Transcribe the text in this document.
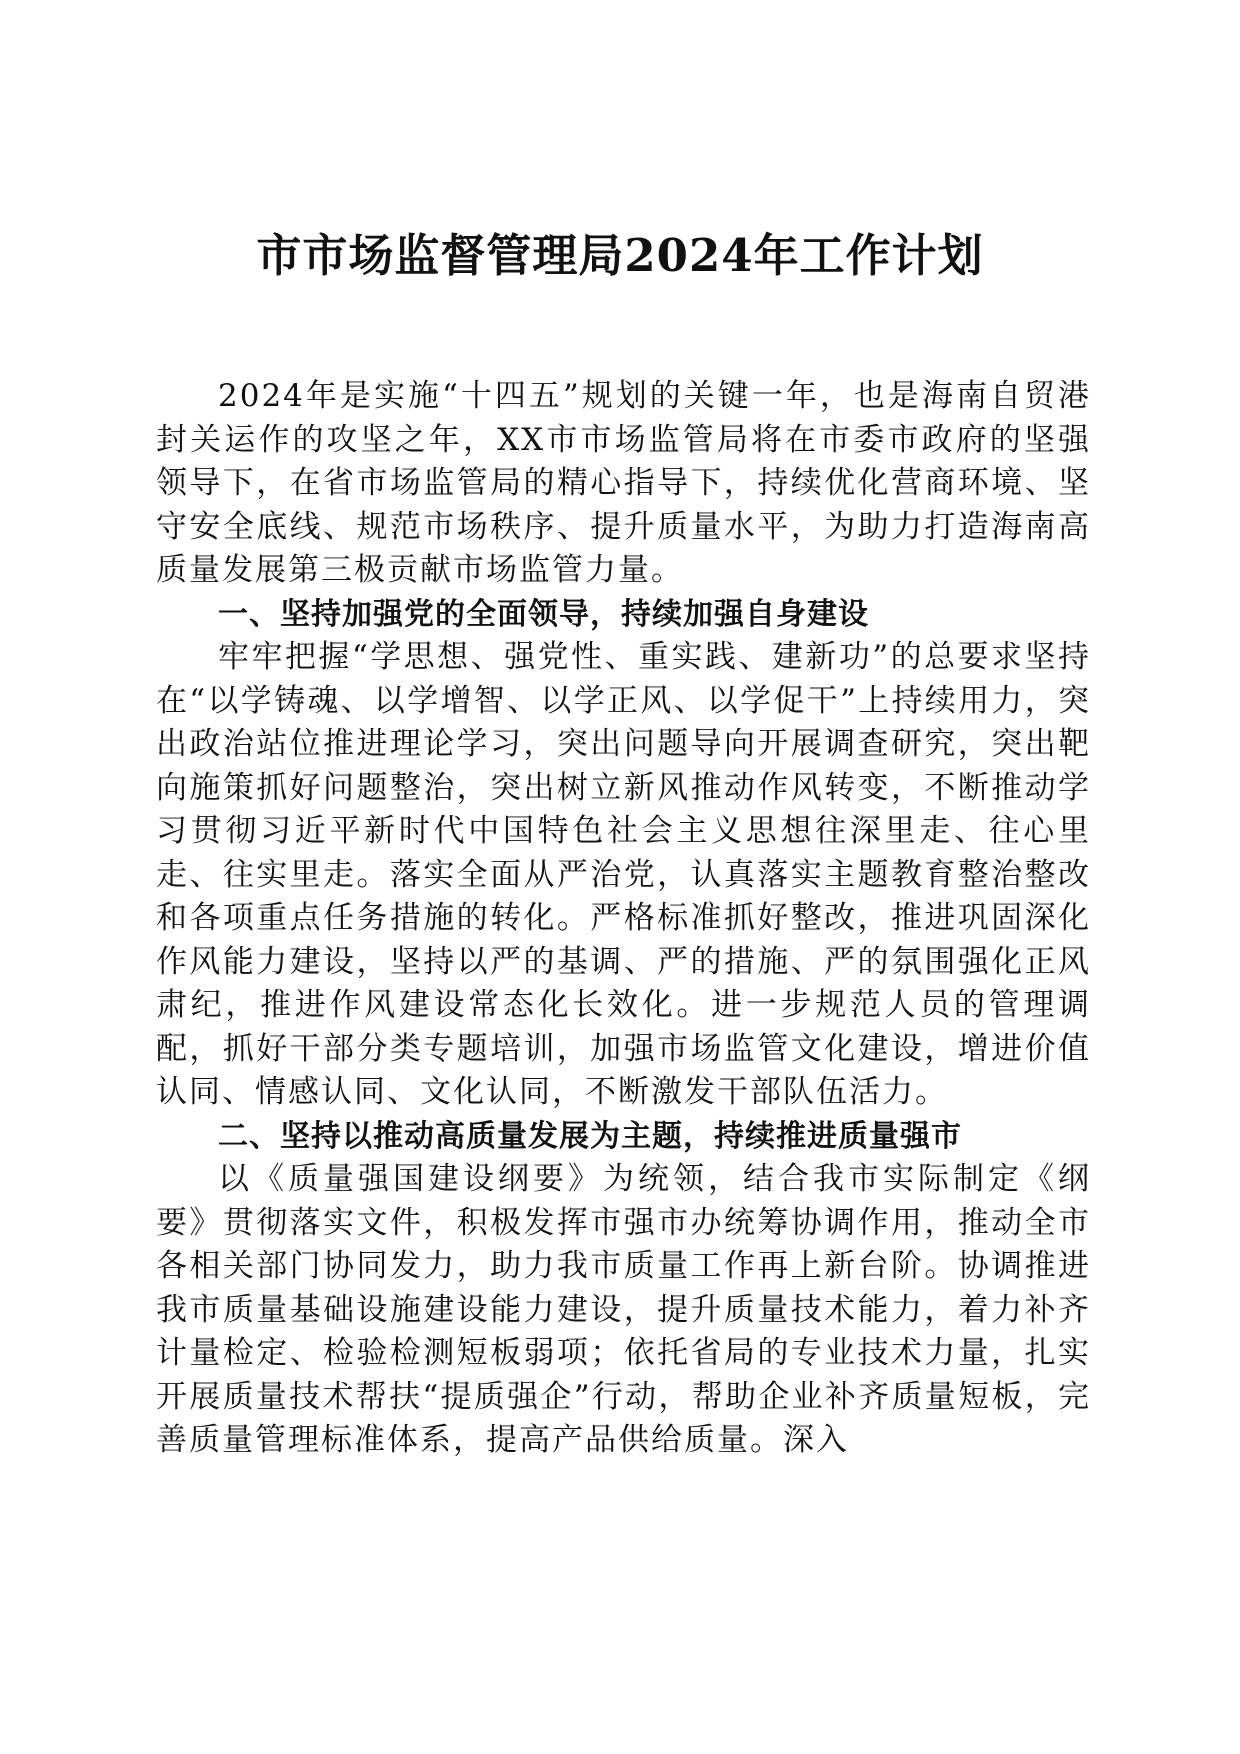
市市场监督管理局2024年工作计划

2024年是实施“十四五”规划的关键一年，也是海南自贸港封关运作的攻坚之年，XX市市场监管局将在市委市政府的坚强领导下，在省市场监管局的精心指导下，持续优化营商环境、坚守安全底线、规范市场秩序、提升质量水平，为助力打造海南高质量发展第三极贡献市场监管力量。

一、坚持加强党的全面领导，持续加强自身建设

牢牢把握“学思想、强党性、重实践、建新功”的总要求坚持在“以学铸魂、以学增智、以学正风、以学促干”上持续用力，突出政治站位推进理论学习，突出问题导向开展调查研究，突出靶向施策抓好问题整治，突出树立新风推动作风转变，不断推动学习贯彻习近平新时代中国特色社会主义思想往深里走、往心里走、往实里走。落实全面从严治党，认真落实主题教育整治整改和各项重点任务措施的转化。严格标准抓好整改，推进巩固深化作风能力建设，坚持以严的基调、严的措施、严的氛围强化正风肃纪，推进作风建设常态化长效化。进一步规范人员的管理调配，抓好干部分类专题培训，加强市场监管文化建设，增进价值认同、情感认同、文化认同，不断激发干部队伍活力。

二、坚持以推动高质量发展为主题，持续推进质量强市

以《质量强国建设纲要》为统领，结合我市实际制定《纲要》贯彻落实文件，积极发挥市强市办统筹协调作用，推动全市各相关部门协同发力，助力我市质量工作再上新台阶。协调推进我市质量基础设施建设能力建设，提升质量技术能力，着力补齐计量检定、检验检测短板弱项；依托省局的专业技术力量，扎实开展质量技术帮扶“提质强企”行动，帮助企业补齐质量短板，完善质量管理标准体系，提高产品供给质量。深入
